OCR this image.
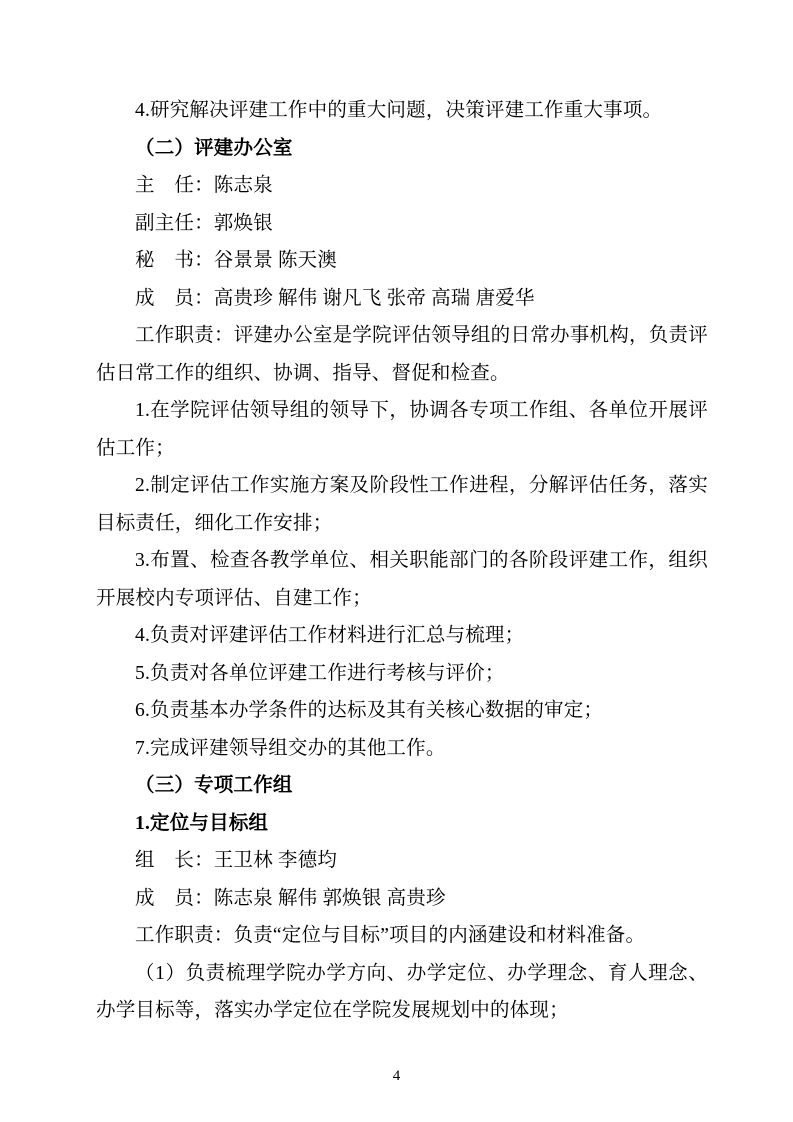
4.研究解决评建工作中的重大问题，决策评建工作重大事项。
（二）评建办公室
主　任：陈志泉
副主任：郭焕银
秘　书：谷景景 陈天澳
成　员：高贵珍 解伟 谢凡飞 张帝 高瑞 唐爱华
工作职责：评建办公室是学院评估领导组的日常办事机构，负责评估日常工作的组织、协调、指导、督促和检查。
1.在学院评估领导组的领导下，协调各专项工作组、各单位开展评估工作；
2.制定评估工作实施方案及阶段性工作进程，分解评估任务，落实目标责任，细化工作安排；
3.布置、检查各教学单位、相关职能部门的各阶段评建工作，组织开展校内专项评估、自建工作；
4.负责对评建评估工作材料进行汇总与梳理；
5.负责对各单位评建工作进行考核与评价；
6.负责基本办学条件的达标及其有关核心数据的审定；
7.完成评建领导组交办的其他工作。
（三）专项工作组
1.定位与目标组
组　长：王卫林 李德均
成　员：陈志泉 解伟 郭焕银 高贵珍
工作职责：负责“定位与目标”项目的内涵建设和材料准备。
（1）负责梳理学院办学方向、办学定位、办学理念、育人理念、办学目标等，落实办学定位在学院发展规划中的体现；
4
